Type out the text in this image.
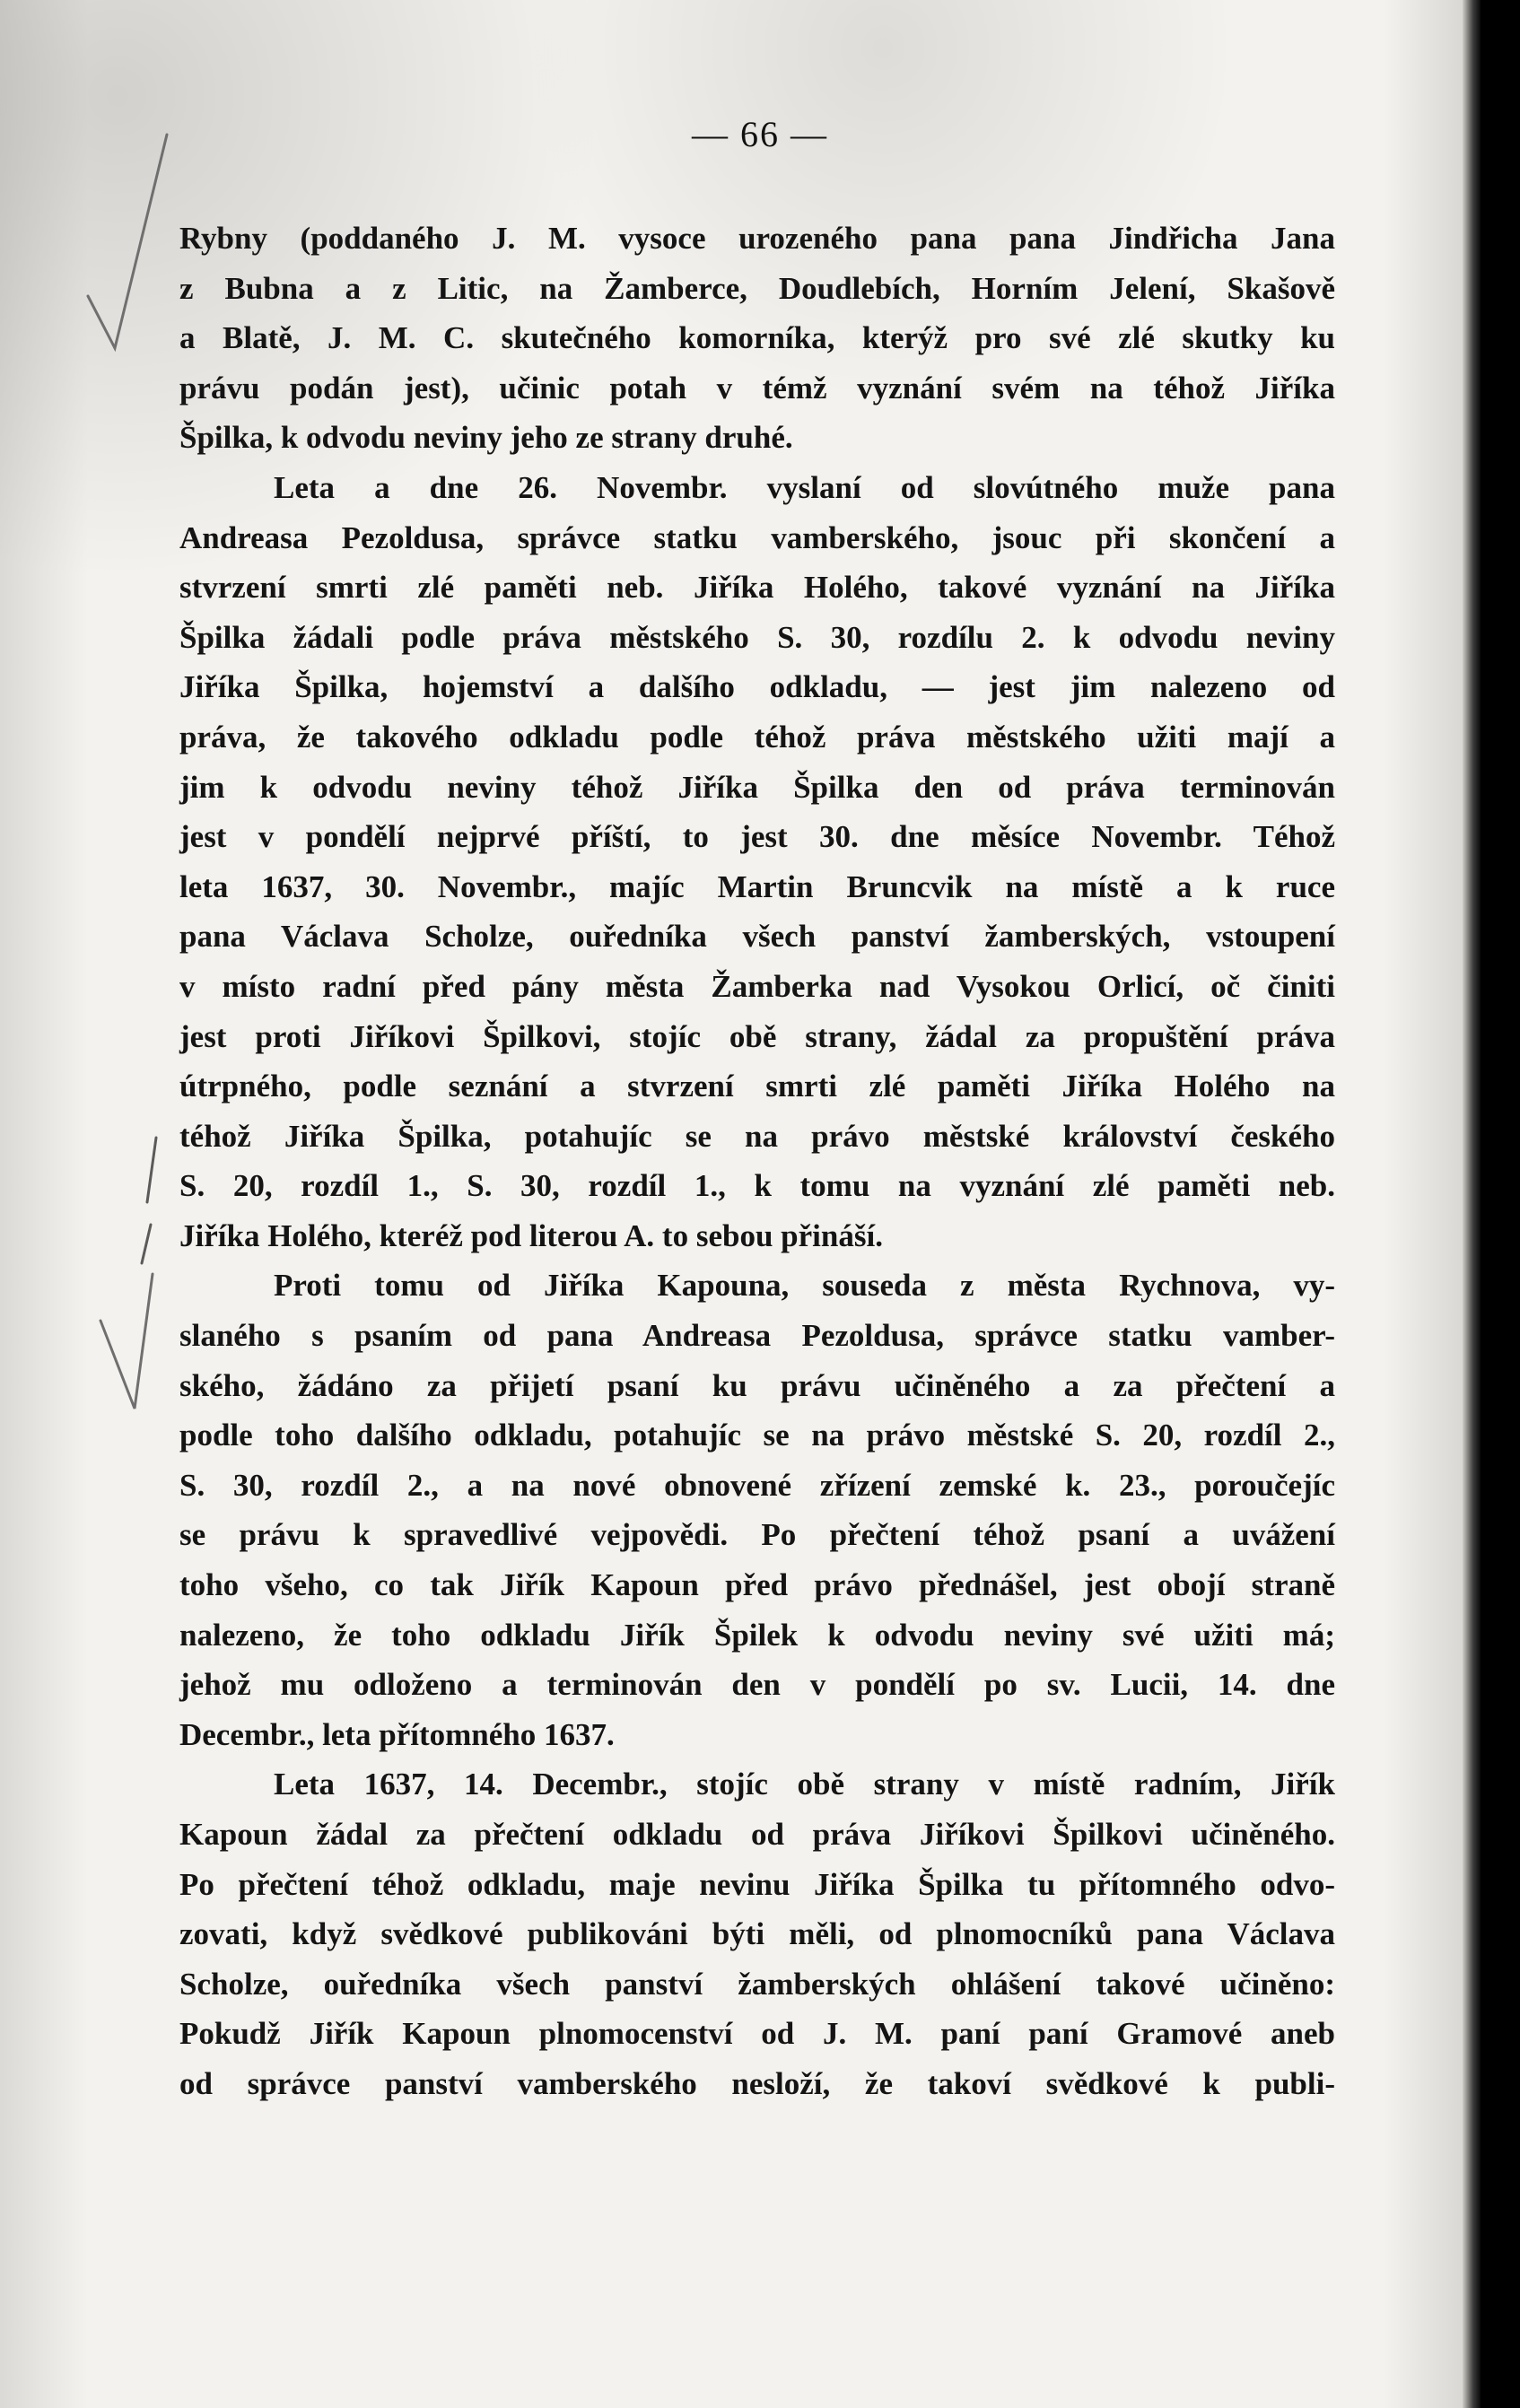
— 66 —
Rybny (poddaného J. M. vysoce urozeného pana pana Jindřicha Jana
z Bubna a z Litic, na Žamberce, Doudlebích, Horním Jelení, Skašově
a Blatě, J. M. C. skutečného komorníka, kterýž pro své zlé skutky ku
právu podán jest), učinic potah v témž vyznání svém na téhož Jiříka
Špilka, k odvodu neviny jeho ze strany druhé.
Leta a dne 26. Novembr. vyslaní od slovútného muže pana
Andreasa Pezoldusa, správce statku vamberského, jsouc při skončení a
stvrzení smrti zlé paměti neb. Jiříka Holého, takové vyznání na Jiříka
Špilka žádali podle práva městského S. 30, rozdílu 2. k odvodu neviny
Jiříka Špilka, hojemství a dalšího odkladu, — jest jim nalezeno od
práva, že takového odkladu podle téhož práva městského užiti mají a
jim k odvodu neviny téhož Jiříka Špilka den od práva terminován
jest v pondělí nejprvé příští, to jest 30. dne měsíce Novembr. Téhož
leta 1637, 30. Novembr., majíc Martin Bruncvik na místě a k ruce
pana Václava Scholze, ouředníka všech panství žamberských, vstoupení
v místo radní před pány města Žamberka nad Vysokou Orlicí, oč činiti
jest proti Jiříkovi Špilkovi, stojíc obě strany, žádal za propuštění práva
útrpného, podle seznání a stvrzení smrti zlé paměti Jiříka Holého na
téhož Jiříka Špilka, potahujíc se na právo městské království českého
S. 20, rozdíl 1., S. 30, rozdíl 1., k tomu na vyznání zlé paměti neb.
Jiříka Holého, kteréž pod literou A. to sebou přináší.
Proti tomu od Jiříka Kapouna, souseda z města Rychnova, vy-
slaného s psaním od pana Andreasa Pezoldusa, správce statku vamber-
ského, žádáno za přijetí psaní ku právu učiněného a za přečtení a
podle toho dalšího odkladu, potahujíc se na právo městské S. 20, rozdíl 2.,
S. 30, rozdíl 2., a na nové obnovené zřízení zemské k. 23., poroučejíc
se právu k spravedlivé vejpovědi. Po přečtení téhož psaní a uvážení
toho všeho, co tak Jiřík Kapoun před právo přednášel, jest obojí straně
nalezeno, že toho odkladu Jiřík Špilek k odvodu neviny své užiti má;
jehož mu odloženo a terminován den v pondělí po sv. Lucii, 14. dne
Decembr., leta přítomného 1637.
Leta 1637, 14. Decembr., stojíc obě strany v místě radním, Jiřík
Kapoun žádal za přečtení odkladu od práva Jiříkovi Špilkovi učiněného.
Po přečtení téhož odkladu, maje nevinu Jiříka Špilka tu přítomného odvo-
zovati, když svědkové publikováni býti měli, od plnomocníků pana Václava
Scholze, ouředníka všech panství žamberských ohlášení takové učiněno:
Pokudž Jiřík Kapoun plnomocenství od J. M. paní paní Gramové aneb
od správce panství vamberského nesloží, že takoví svědkové k publi-
